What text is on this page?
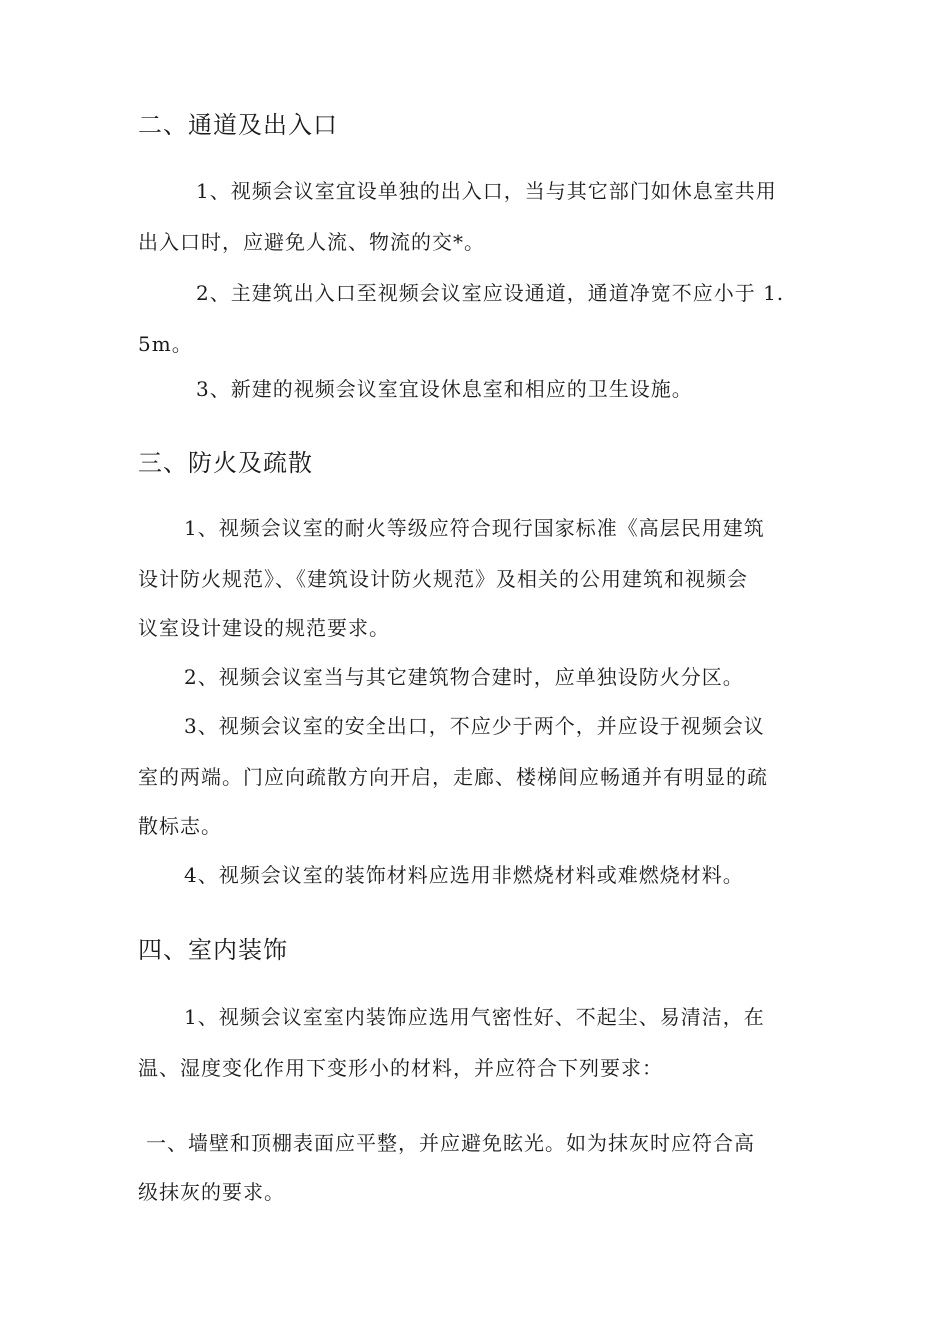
二、通道及出入口
1、视频会议室宜设单独的出入口，当与其它部门如休息室共用
出入口时，应避免人流、物流的交*。
2、主建筑出入口至视频会议室应设通道，通道净宽不应小于 1.
5m。
3、新建的视频会议室宜设休息室和相应的卫生设施。
三、防火及疏散
1、视频会议室的耐火等级应符合现行国家标准《高层民用建筑
设计防火规范》、《建筑设计防火规范》及相关的公用建筑和视频会
议室设计建设的规范要求。
2、视频会议室当与其它建筑物合建时，应单独设防火分区。
3、视频会议室的安全出口，不应少于两个，并应设于视频会议
室的两端。门应向疏散方向开启，走廊、楼梯间应畅通并有明显的疏
散标志。
4、视频会议室的装饰材料应选用非燃烧材料或难燃烧材料。
四、室内装饰
1、视频会议室室内装饰应选用气密性好、不起尘、易清洁，在
温、湿度变化作用下变形小的材料，并应符合下列要求：
一、墙壁和顶棚表面应平整，并应避免眩光。如为抹灰时应符合高
级抹灰的要求。
